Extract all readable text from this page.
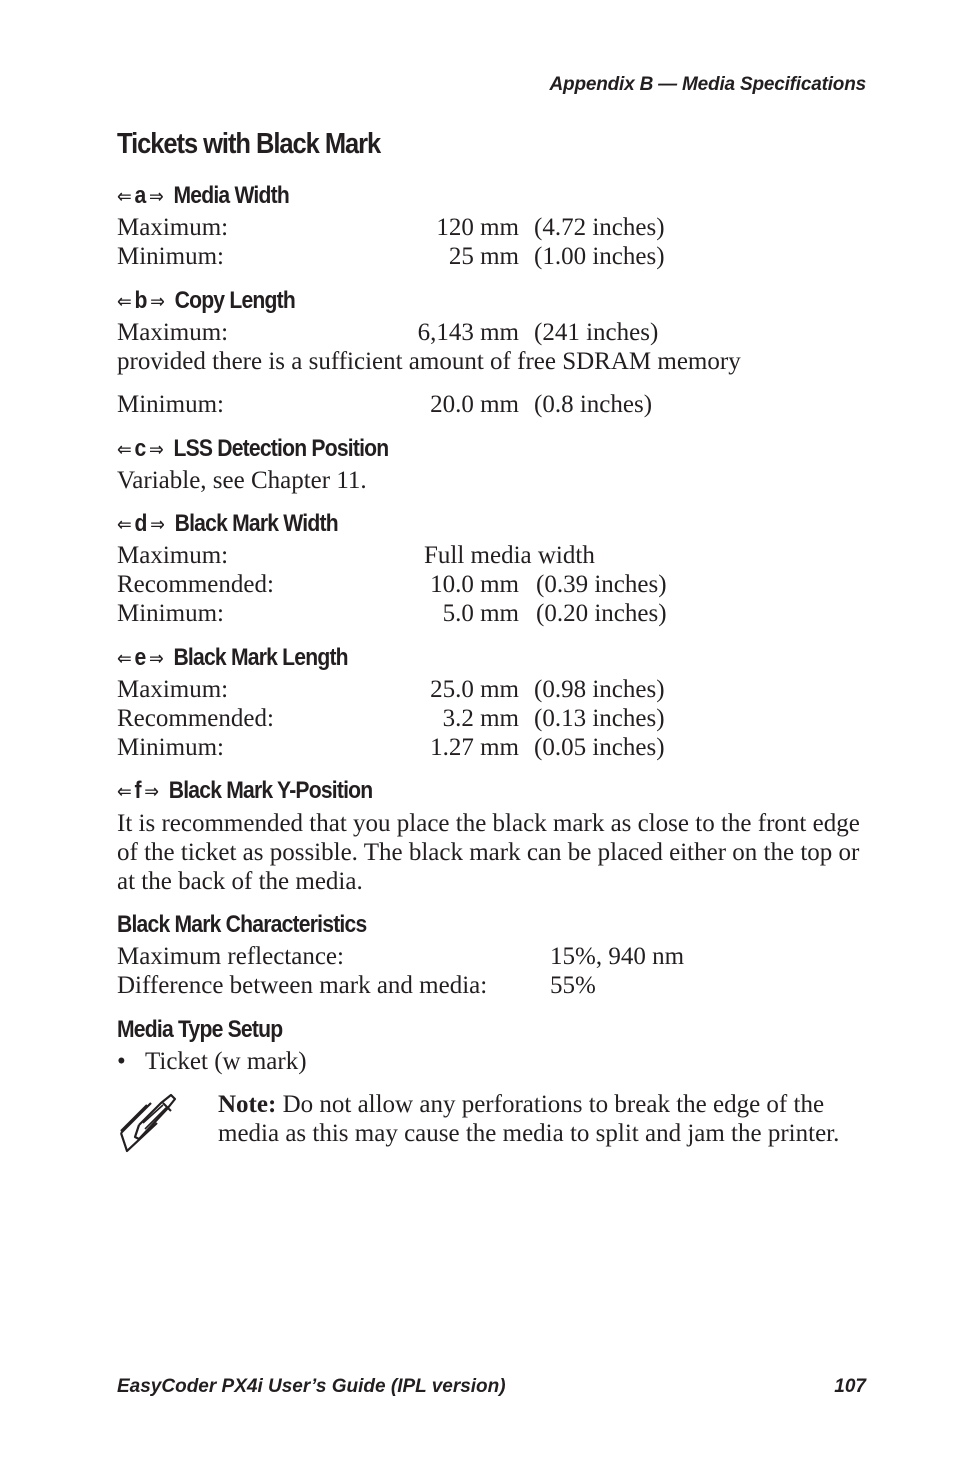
Appendix B — Media Specifications
Tickets with Black Mark
⇐ a ⇒ Media Width
Maximum:	120 mm (4.72 inches)
Minimum:	25 mm (1.00 inches)
⇐ b ⇒ Copy Length
Maximum:	6,143 mm (241 inches)
provided there is a sufficient amount of free SDRAM memory
Minimum:	20.0 mm (0.8 inches)
⇐ c ⇒ LSS Detection Position
Variable, see Chapter 11.
⇐ d ⇒ Black Mark Width
Maximum:	Full media width
Recommended:	10.0 mm (0.39 inches)
Minimum:	5.0 mm (0.20 inches)
⇐ e ⇒ Black Mark Length
Maximum:	25.0 mm (0.98 inches)
Recommended:	3.2 mm (0.13 inches)
Minimum:	1.27 mm (0.05 inches)
⇐ f ⇒ Black Mark Y-Position

It is recommended that you place the black mark as close to the front edge of the ticket as possible. The black mark can be placed either on the top or at the back of the media.

Black Mark Characteristics
Maximum reflectance:	15%, 940 nm
Difference between mark and media:	55%
Media Type Setup
• Ticket (w mark)

Note: Do not allow any perforations to break the edge of the media as this may cause the media to split and jam the printer.

EasyCoder PX4i User’s Guide (IPL version)	107
